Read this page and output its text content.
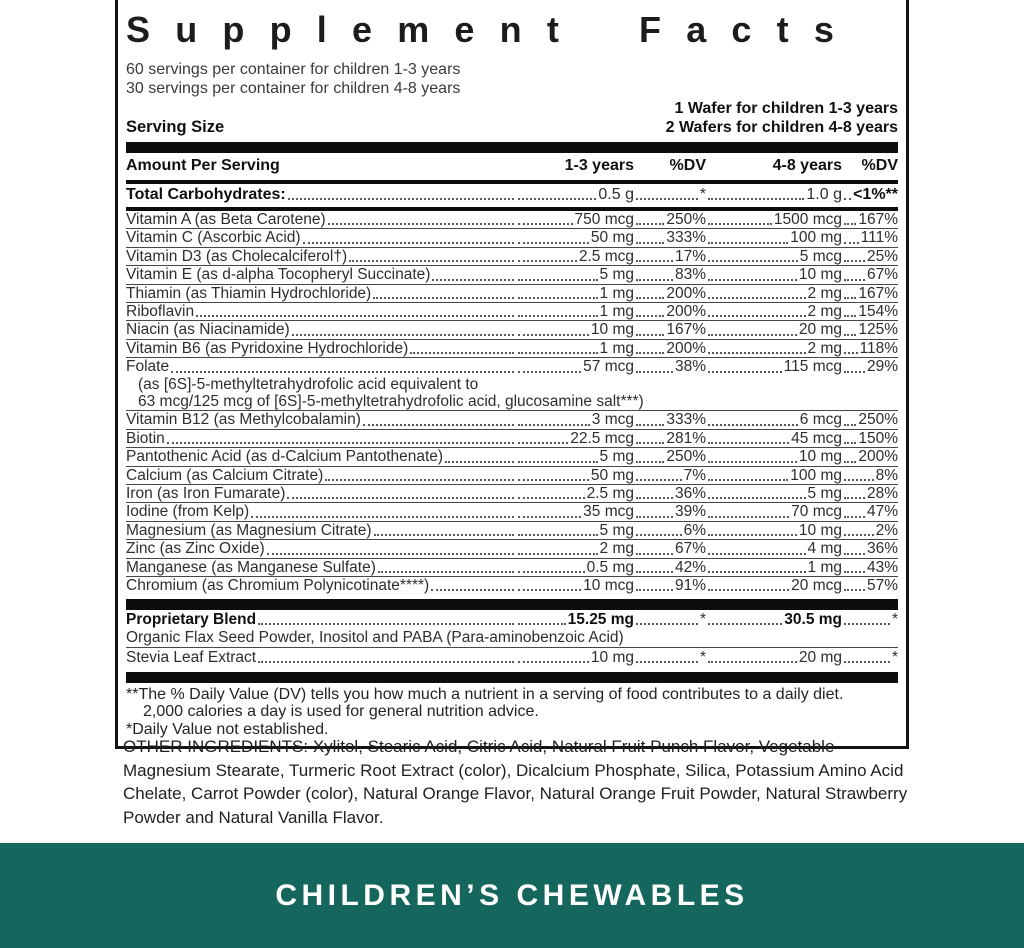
Supplement Facts
60 servings per container for children 1-3 years
30 servings per container for children 4-8 years
Serving Size
1 Wafer for children 1-3 years
2 Wafers for children 4-8 years
Amount Per Serving	1-3 years	%DV	4-8 years	%DV
Total Carbohydrates:	0.5 g	*	1.0 g <1%**
Vitamin A (as Beta Carotene)	750 mcg 250%	1500 mcg 167%
Vitamin C (Ascorbic Acid)	50 mg 333%	100 mg 111%
Vitamin D3 (as Cholecalciferol†)	2.5 mcg	17%	5 mcg 25%
Vitamin E (as d-alpha Tocopheryl Succinate)	5 mg	83%	10 mg 67%
Thiamin (as Thiamin Hydrochloride)	1 mg 200%	2 mg 167%
Riboflavin	1 mg 200%	2 mg 154%
Niacin (as Niacinamide)	10 mg 167%	20 mg 125%
Vitamin B6 (as Pyridoxine Hydrochloride)	1 mg 200%	2 mg 118%
Folate	57 mcg	38%	115 mcg 29%
(as [6S]-5-methyltetrahydrofolic acid equivalent to
63 mcg/125 mcg of [6S]-5-methyltetrahydrofolic acid, glucosamine salt***)
Vitamin B12 (as Methylcobalamin)	3 mcg 333%	6 mcg 250%
Biotin	22.5 mcg 281%	45 mcg 150%
Pantothenic Acid (as d-Calcium Pantothenate)	5 mg 250%	10 mg 200%
Calcium (as Calcium Citrate)	50 mg	7%	100 mg 8%
Iron (as Iron Fumarate)	2.5 mg	36%	5 mg 28%
Iodine (from Kelp)	35 mcg	39%	70 mcg 47%
Magnesium (as Magnesium Citrate)	5 mg	6%	10 mg 2%
Zinc (as Zinc Oxide)	2 mg	67%	4 mg 36%
Manganese (as Manganese Sulfate)	0.5 mg	42%	1 mg 43%
Chromium (as Chromium Polynicotinate****)	10 mcg	91%	20 mcg 57%
Proprietary Blend	15.25 mg	*	30.5 mg	*
Organic Flax Seed Powder, Inositol and PABA (Para-aminobenzoic Acid)
Stevia Leaf Extract	10 mg	*	20 mg	*
**The % Daily Value (DV) tells you how much a nutrient in a serving of food contributes to a daily diet.
2,000 calories a day is used for general nutrition advice.
*Daily Value not established.
OTHER INGREDIENTS: Xylitol, Stearic Acid, Citric Acid, Natural Fruit Punch Flavor, Vegetable Magnesium Stearate, Turmeric Root Extract (color), Dicalcium Phosphate, Silica, Potassium Amino Acid Chelate, Carrot Powder (color), Natural Orange Flavor, Natural Orange Fruit Powder, Natural Strawberry Powder and Natural Vanilla Flavor.
CHILDREN’S CHEWABLES
